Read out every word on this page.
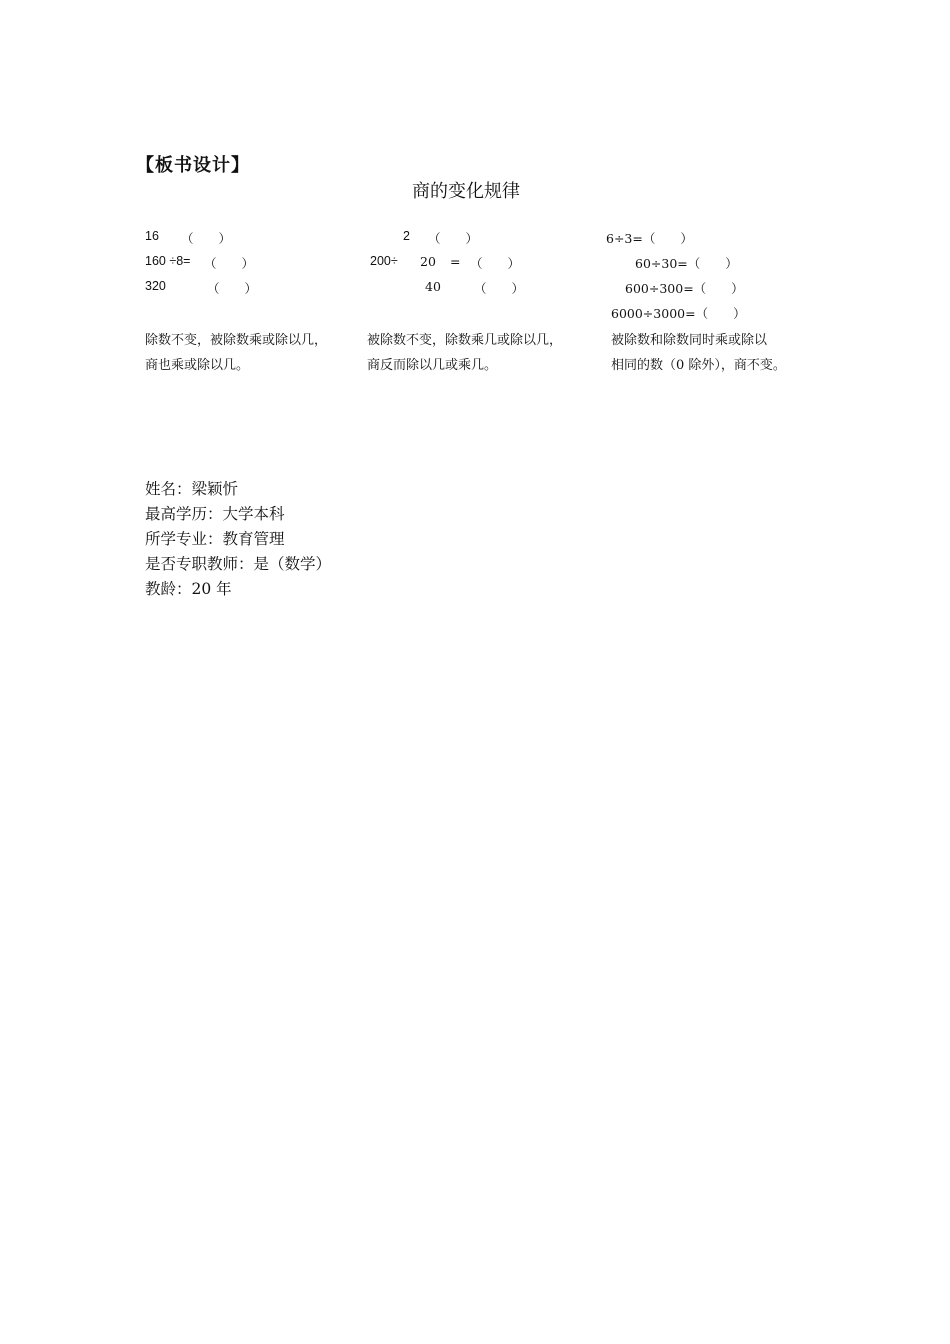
【板书设计】
商的变化规律
16 （　　）
160 ÷8= （　　）
320	（　　）
除数不变，被除数乘或除以几，
商也乘或除以几。
2 （　　）
200÷ 20 = （　　）
40	（　　）
被除数不变，除数乘几或除以几，
商反而除以几或乘几。
6÷3=（　　）
60÷30=（　　）
600÷300=（　　）
6000÷3000=（　　）
被除数和除数同时乘或除以
相同的数（0 除外），商不变。
姓名：梁颖忻
最高学历：大学本科
所学专业：教育管理
是否专职教师：是（数学）
教龄：20 年
